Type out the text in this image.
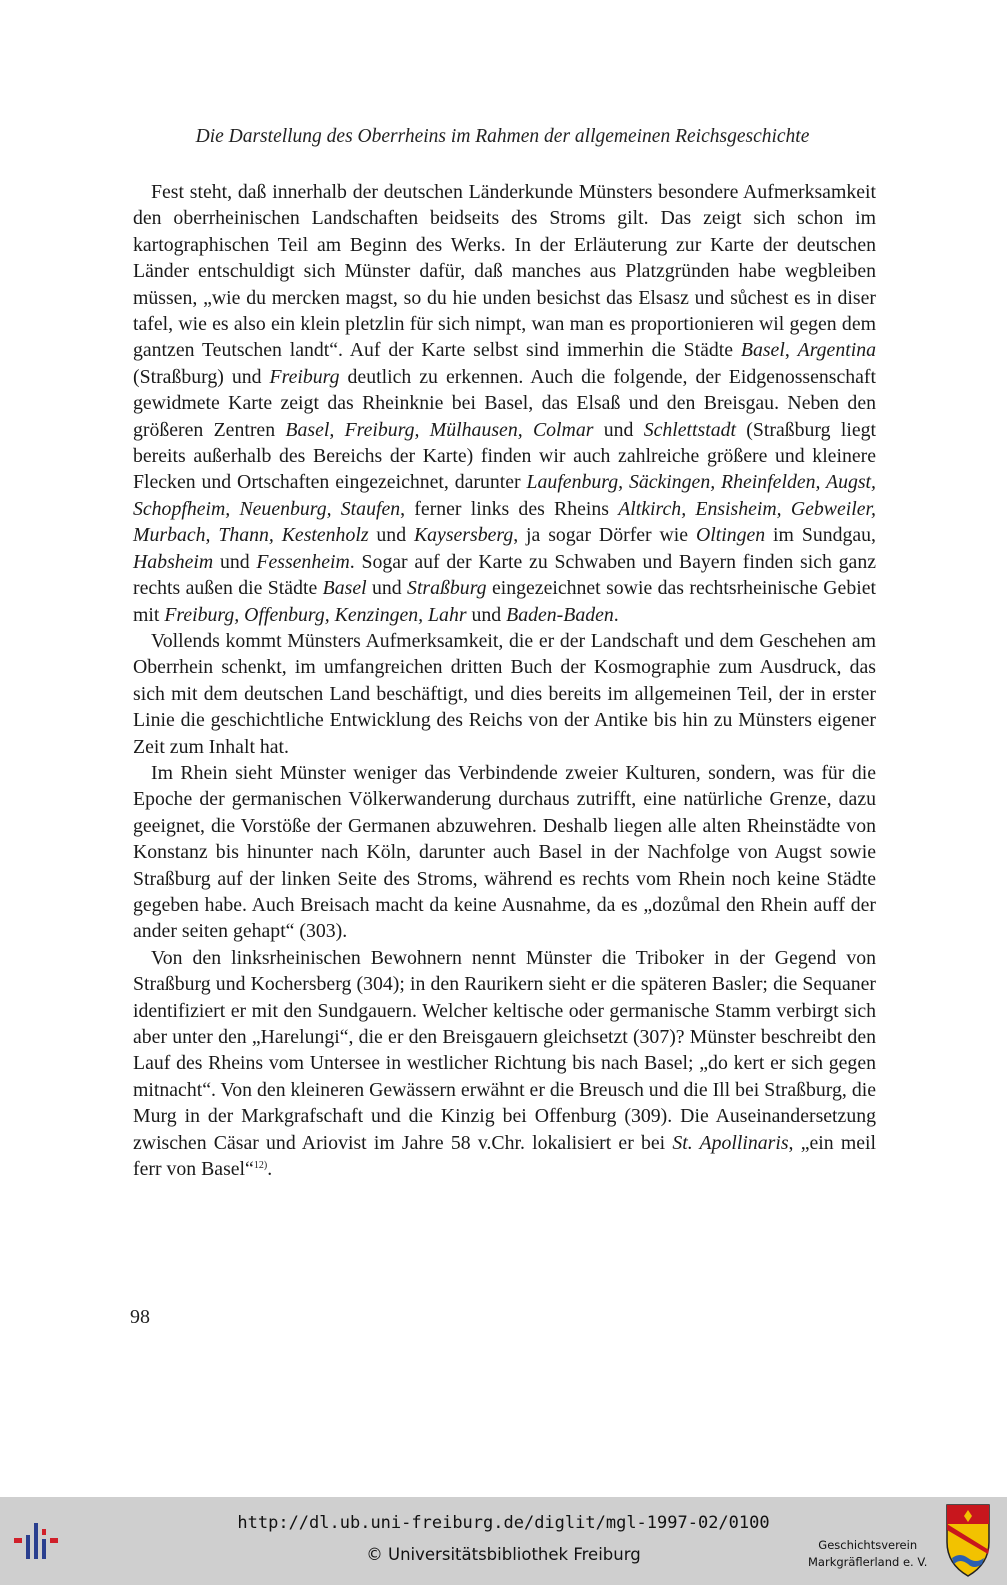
Die Darstellung des Oberrheins im Rahmen der allgemeinen Reichsgeschichte

Fest steht, daß innerhalb der deutschen Länderkunde Münsters besondere Aufmerksamkeit den oberrheinischen Landschaften beidseits des Stroms gilt. Das zeigt sich schon im kartographischen Teil am Beginn des Werks. In der Erläuterung zur Karte der deutschen Länder entschuldigt sich Münster dafür, daß manches aus Platzgründen habe wegbleiben müssen, „wie du mercken magst, so du hie unden besichst das Elsasz und sůchest es in diser tafel, wie es also ein klein pletzlin für sich nimpt, wan man es proportionieren wil gegen dem gantzen Teutschen landt“. Auf der Karte selbst sind immerhin die Städte Basel, Argentina (Straßburg) und Freiburg deutlich zu erkennen. Auch die folgende, der Eidgenossenschaft gewidmete Karte zeigt das Rheinknie bei Basel, das Elsaß und den Breisgau. Neben den größeren Zentren Basel, Freiburg, Mülhausen, Colmar und Schlettstadt (Straßburg liegt bereits außerhalb des Bereichs der Karte) finden wir auch zahlreiche größere und kleinere Flecken und Ortschaften eingezeichnet, darunter Laufenburg, Säckingen, Rheinfelden, Augst, Schopfheim, Neuenburg, Staufen, ferner links des Rheins Altkirch, Ensisheim, Gebweiler, Murbach, Thann, Kestenholz und Kaysersberg, ja sogar Dörfer wie Oltingen im Sundgau, Habsheim und Fessenheim. Sogar auf der Karte zu Schwaben und Bayern finden sich ganz rechts außen die Städte Basel und Straßburg eingezeichnet sowie das rechtsrheinische Gebiet mit Freiburg, Offenburg, Kenzingen, Lahr und Baden-Baden.

Vollends kommt Münsters Aufmerksamkeit, die er der Landschaft und dem Geschehen am Oberrhein schenkt, im umfangreichen dritten Buch der Kosmographie zum Ausdruck, das sich mit dem deutschen Land beschäftigt, und dies bereits im allgemeinen Teil, der in erster Linie die geschichtliche Entwicklung des Reichs von der Antike bis hin zu Münsters eigener Zeit zum Inhalt hat.

Im Rhein sieht Münster weniger das Verbindende zweier Kulturen, sondern, was für die Epoche der germanischen Völkerwanderung durchaus zutrifft, eine natürliche Grenze, dazu geeignet, die Vorstöße der Germanen abzuwehren. Deshalb liegen alle alten Rheinstädte von Konstanz bis hinunter nach Köln, darunter auch Basel in der Nachfolge von Augst sowie Straßburg auf der linken Seite des Stroms, während es rechts vom Rhein noch keine Städte gegeben habe. Auch Breisach macht da keine Ausnahme, da es „dozůmal den Rhein auff der ander seiten gehapt“ (303).

Von den linksrheinischen Bewohnern nennt Münster die Triboker in der Gegend von Straßburg und Kochersberg (304); in den Raurikern sieht er die späteren Basler; die Sequaner identifiziert er mit den Sundgauern. Welcher keltische oder germanische Stamm verbirgt sich aber unter den „Harelungi“, die er den Breisgauern gleichsetzt (307)? Münster beschreibt den Lauf des Rheins vom Untersee in westlicher Richtung bis nach Basel; „do kert er sich gegen mitnacht“. Von den kleineren Gewässern erwähnt er die Breusch und die Ill bei Straßburg, die Murg in der Markgrafschaft und die Kinzig bei Offenburg (309). Die Auseinandersetzung zwischen Cäsar und Ariovist im Jahre 58 v.Chr. lokalisiert er bei St. Apollinaris, „ein meil ferr von Basel“$^{12)}$.

98
http://dl.ub.uni-freiburg.de/diglit/mgl-1997-02/0100
© Universitätsbibliothek Freiburg	Geschichtsverein
Markgräflerland e. V.
